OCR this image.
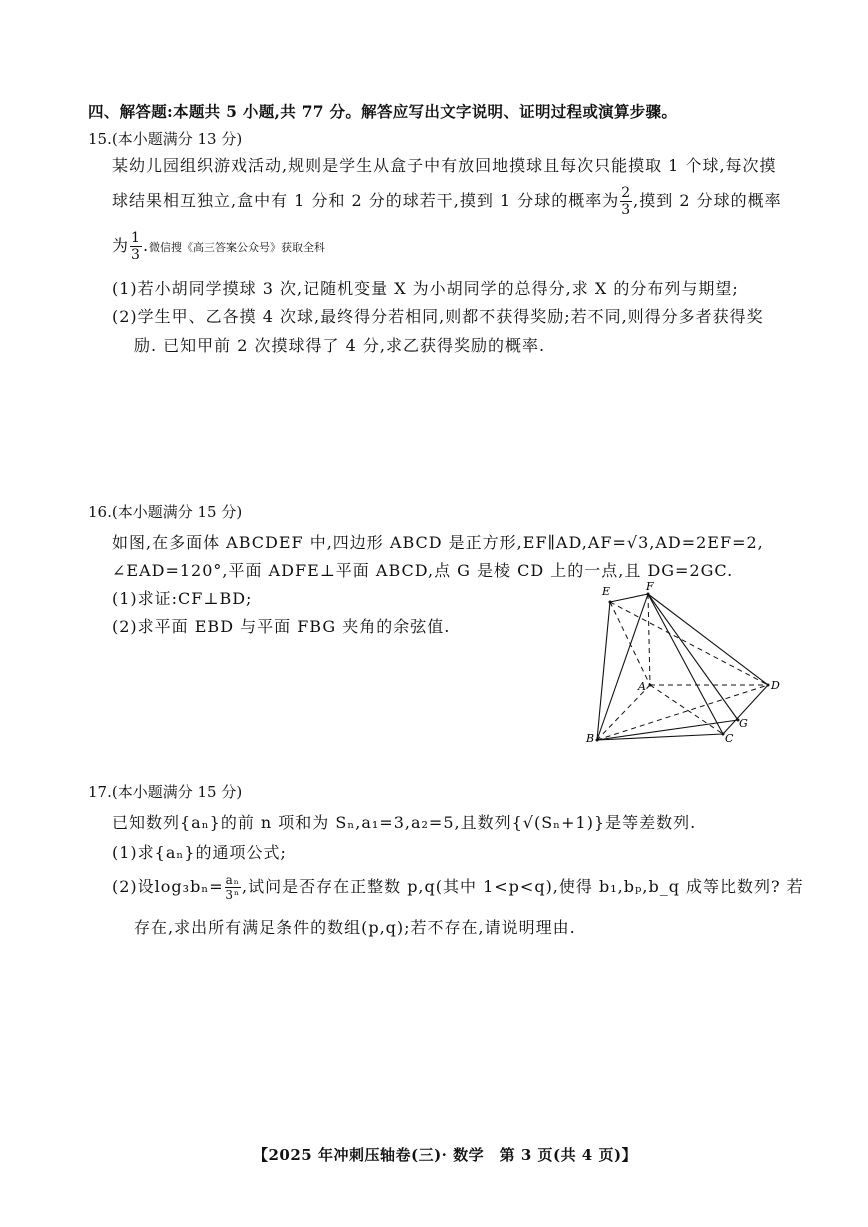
四、解答题:本题共 5 小题,共 77 分。解答应写出文字说明、证明过程或演算步骤。
15.(本小题满分 13 分)
某幼儿园组织游戏活动,规则是学生从盒子中有放回地摸球且每次只能摸取 1 个球,每次摸
球结果相互独立,盒中有 1 分和 2 分的球若干,摸到 1 分球的概率为 $\frac{2}{3}$ ,摸到 2 分球的概率
为 $\frac{1}{3}$ .微信搜《高三答案公众号》获取全科
(1)若小胡同学摸球 3 次,记随机变量 X 为小胡同学的总得分,求 X 的分布列与期望;
(2)学生甲、乙各摸 4 次球,最终得分若相同,则都不获得奖励;若不同,则得分多者获得奖
励. 已知甲前 2 次摸球得了 4 分,求乙获得奖励的概率.
16.(本小题满分 15 分)
如图,在多面体 ABCDEF 中,四边形 ABCD 是正方形,EF∥AD,AF=√3,AD=2EF=2,
∠EAD=120°,平面 ADFE⊥平面 ABCD,点 G 是棱 CD 上的一点,且 DG=2GC.
(1)求证:CF⊥BD;
(2)求平面 EBD 与平面 FBG 夹角的余弦值.
E	F
A
B	C
D
G
17.(本小题满分 15 分)
已知数列{aₙ}的前 n 项和为 Sₙ,a₁=3,a₂=5,且数列{√(Sₙ+1)}是等差数列.
(1)求{aₙ}的通项公式;
(2)设$\log_3b_n= \frac{\text{aₙ}}{\text{3ⁿ}}$ ,试问是否存在正整数 p,q(其中 1<p<q),使得 b₁,bₚ,b_q 成等比数列? 若
存在,求出所有满足条件的数组(p,q);若不存在,请说明理由.
【2025 年冲刺压轴卷(三)· 数学　第 3 页(共 4 页)】
